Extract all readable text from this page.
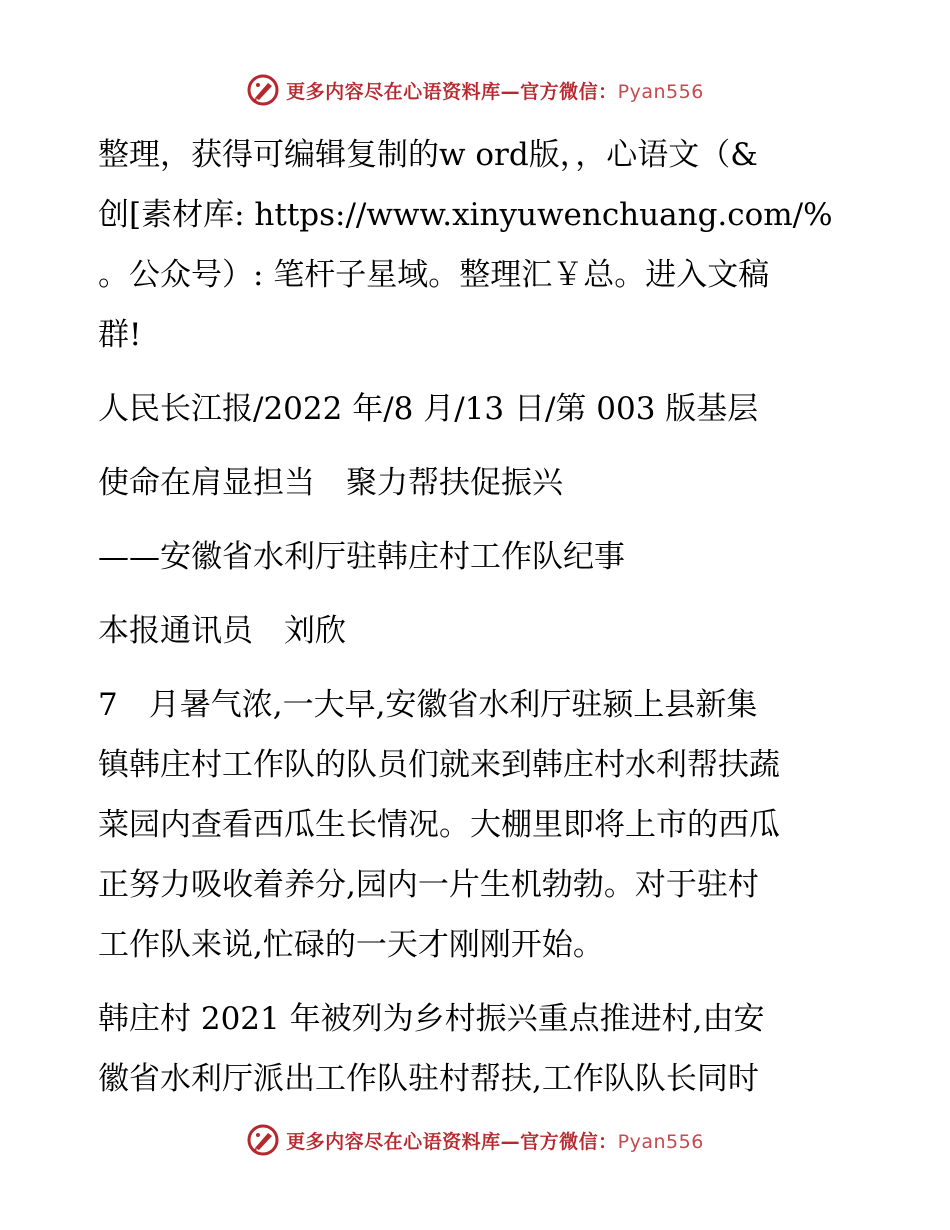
更多内容尽在心语资料库—官方微信：Pyan556
整理，获得可编辑复制的w ord版，，心语文（&
创[素材库: https://www.xinyuwenchuang.com/%
。公众号）: 笔杆子星域。整理汇￥总。进入文稿
群!
人民长江报/2022 年/8 月/13 日/第 003 版基层
使命在肩显担当　聚力帮扶促振兴
——安徽省水利厅驻韩庄村工作队纪事
本报通讯员　刘欣
7　月暑气浓,一大早,安徽省水利厅驻颍上县新集
镇韩庄村工作队的队员们就来到韩庄村水利帮扶蔬
菜园内查看西瓜生长情况。大棚里即将上市的西瓜
正努力吸收着养分,园内一片生机勃勃。对于驻村
工作队来说,忙碌的一天才刚刚开始。
韩庄村 2021 年被列为乡村振兴重点推进村,由安
徽省水利厅派出工作队驻村帮扶,工作队队长同时
更多内容尽在心语资料库—官方微信：Pyan556
